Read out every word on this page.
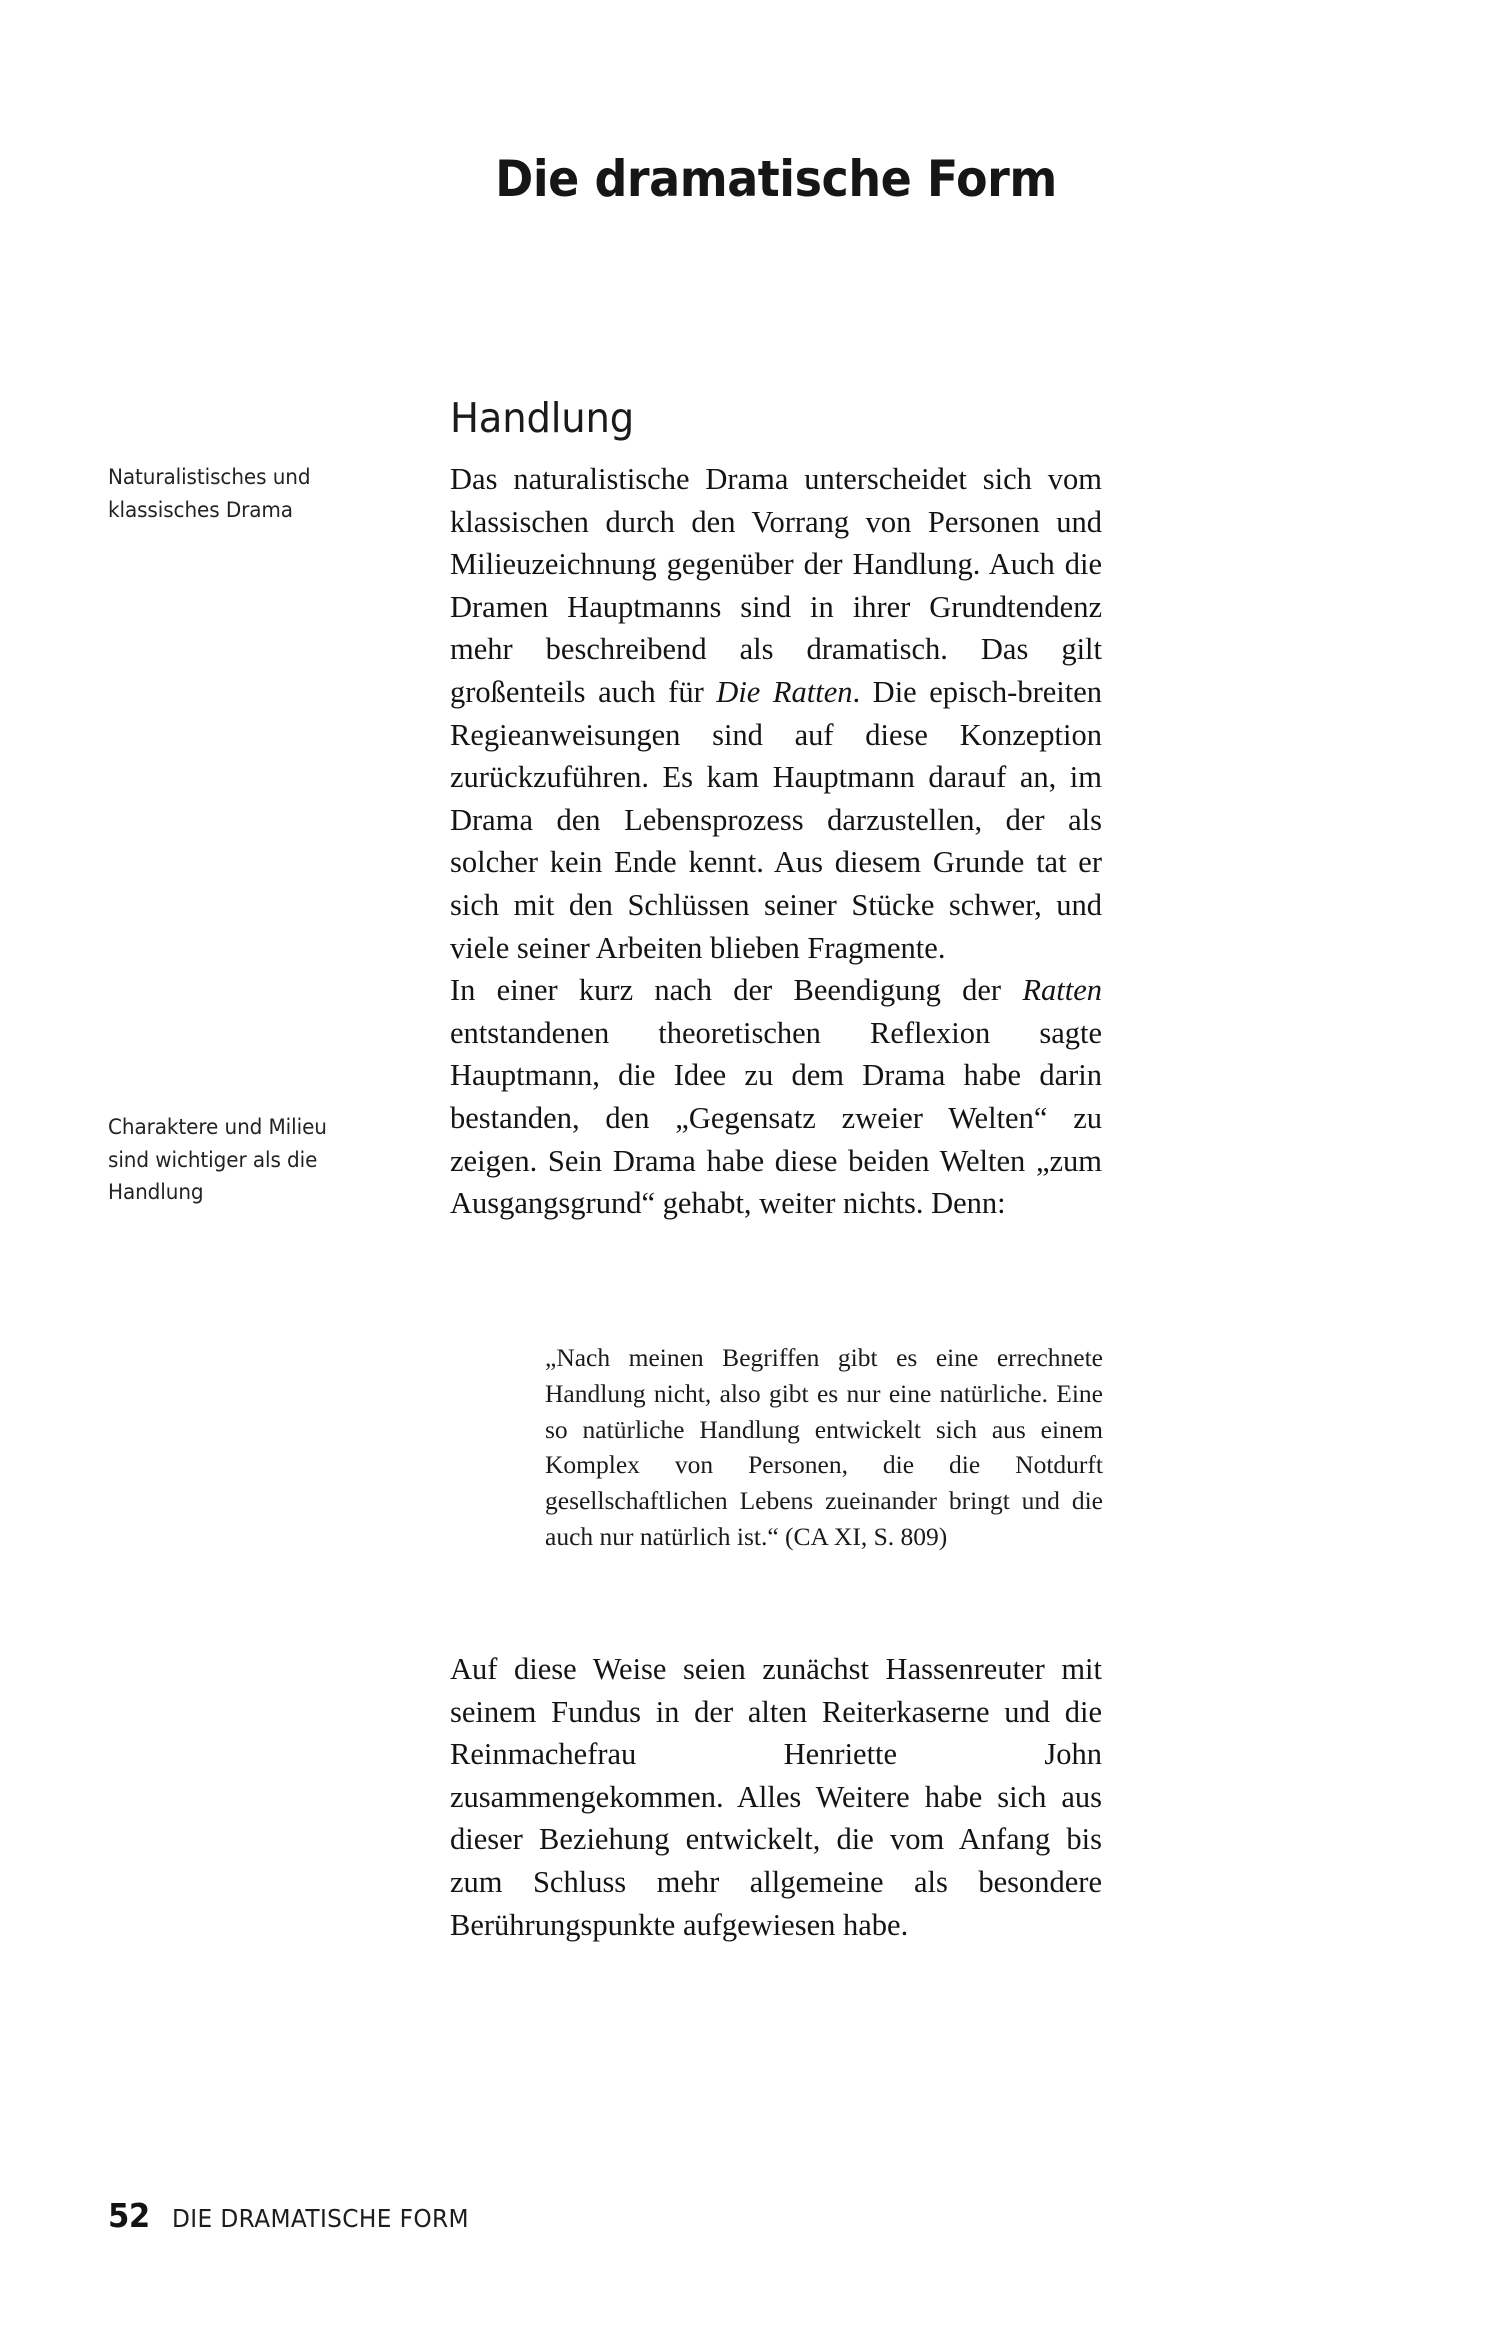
Die dramatische Form
Handlung
Naturalistisches und klassisches Drama
Charaktere und Milieu sind wichtiger als die Handlung

Das naturalistische Drama unterscheidet sich vom klassischen durch den Vorrang von Personen und Milieuzeichnung gegenüber der Handlung. Auch die Dramen Hauptmanns sind in ihrer Grundtendenz mehr beschreibend als dramatisch. Das gilt großenteils auch für Die Ratten. Die episch-breiten Regieanweisungen sind auf diese Konzeption zurückzuführen. Es kam Hauptmann darauf an, im Drama den Lebensprozess darzustellen, der als solcher kein Ende kennt. Aus diesem Grunde tat er sich mit den Schlüssen seiner Stücke schwer, und viele seiner Arbeiten blieben Fragmente.

In einer kurz nach der Beendigung der Ratten entstandenen theoretischen Reflexion sagte Hauptmann, die Idee zu dem Drama habe darin bestanden, den „Gegensatz zweier Welten“ zu zeigen. Sein Drama habe diese beiden Welten „zum Ausgangsgrund“ gehabt, weiter nichts. Denn:

„Nach meinen Begriffen gibt es eine errechnete Handlung nicht, also gibt es nur eine natürliche. Eine so natürliche Handlung entwickelt sich aus einem Komplex von Personen, die die Notdurft gesellschaftlichen Lebens zueinander bringt und die auch nur natürlich ist.“ (CA XI, S. 809)

Auf diese Weise seien zunächst Hassenreuter mit seinem Fundus in der alten Reiterkaserne und die Reinmachefrau Henriette John zusammengekommen. Alles Weitere habe sich aus dieser Beziehung entwickelt, die vom Anfang bis zum Schluss mehr allgemeine als besondere Berührungspunkte aufgewiesen habe.

52 DIE DRAMATISCHE FORM
